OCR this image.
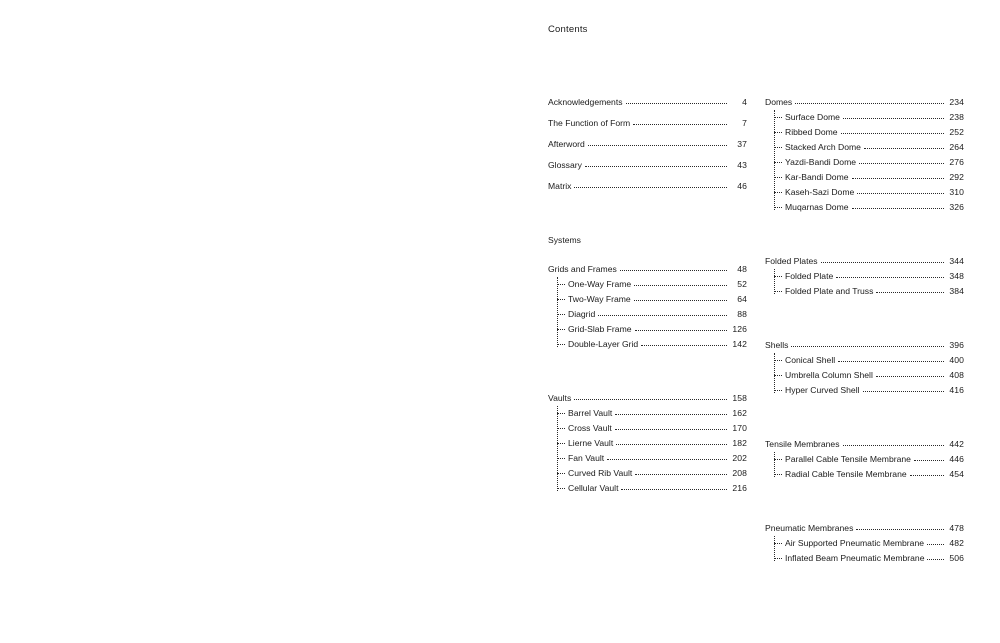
Contents
Acknowledgements	4
The Function of Form	7
Afterword	37
Glossary	43
Matrix	46
Systems
Grids and Frames	48
One-Way Frame	52
Two-Way Frame	64
Diagrid	88
Grid-Slab Frame	126
Double-Layer Grid	142
Vaults	158
Barrel Vault	162
Cross Vault	170
Lierne Vault	182
Fan Vault	202
Curved Rib Vault	208
Cellular Vault	216
Domes	234
Surface Dome	238
Ribbed Dome	252
Stacked Arch Dome	264
Yazdi-Bandi Dome	276
Kar-Bandi Dome	292
Kaseh-Sazi Dome	310
Muqarnas Dome	326
Folded Plates	344
Folded Plate	348
Folded Plate and Truss	384
Shells	396
Conical Shell	400
Umbrella Column Shell	408
Hyper Curved Shell	416
Tensile Membranes	442
Parallel Cable Tensile Membrane	446
Radial Cable Tensile Membrane	454
Pneumatic Membranes	478
Air Supported Pneumatic Membrane	482
Inflated Beam Pneumatic Membrane	506
